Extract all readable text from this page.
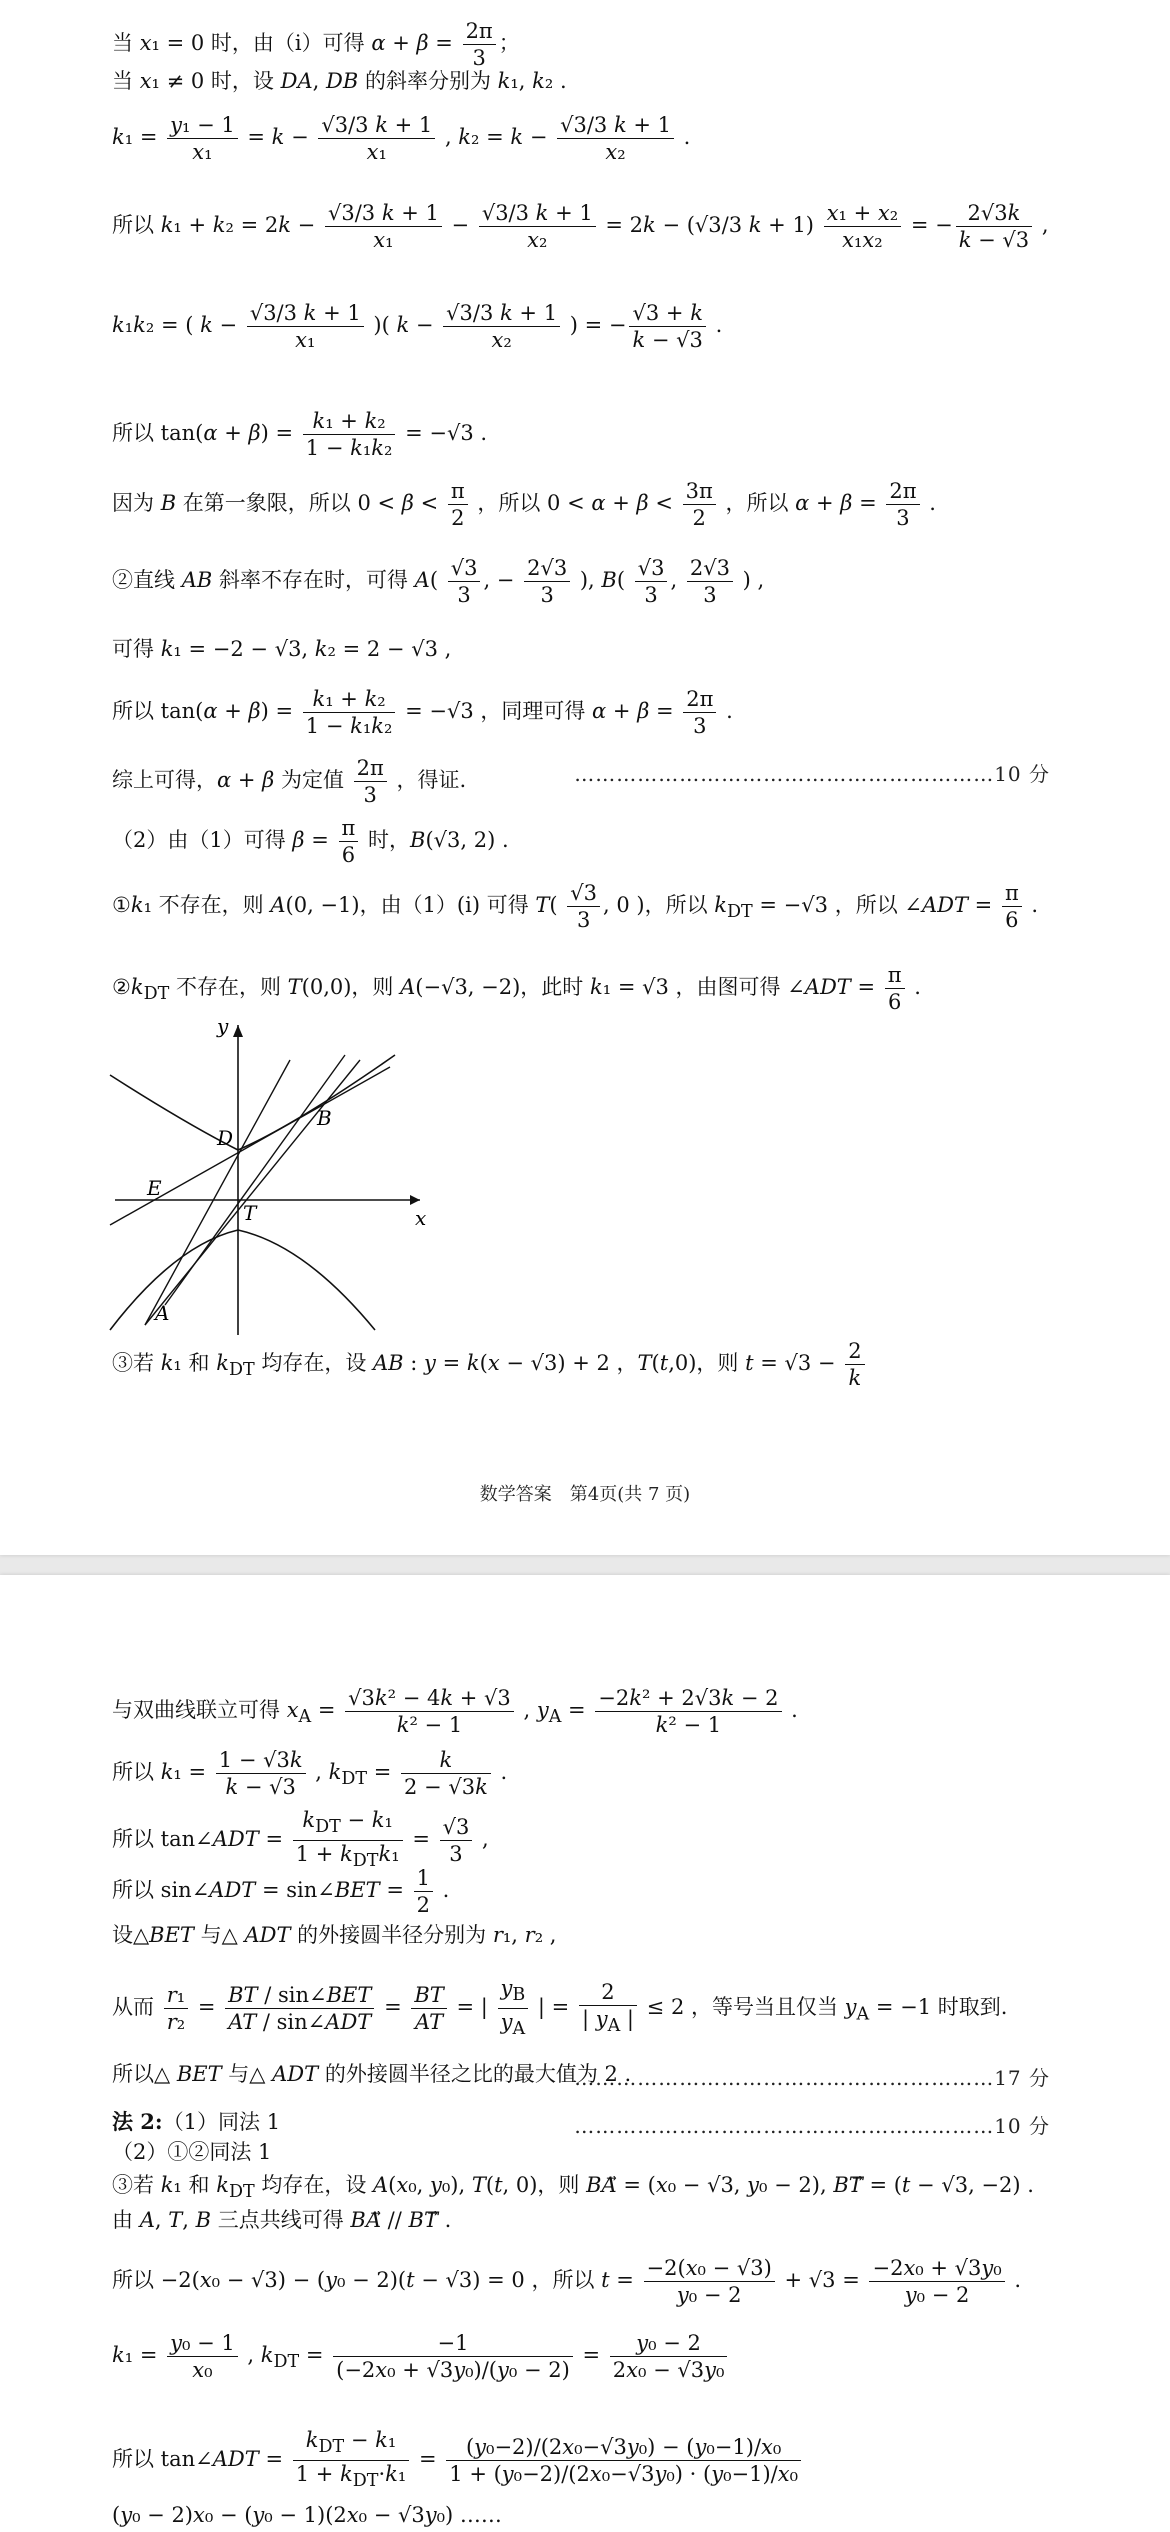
当 x₁ = 0 时，由（i）可得 $\alpha + \beta = \frac{2\pi}{3}$ ；
当 x₁ ≠ 0 时，设 DA, DB 的斜率分别为 k₁, k₂ .
$k_1 = \frac{\text{y₁ − 1}}{\text{x₁}} = k - \frac{√3/3 k + 1}{\text{x₁}}$ , $k_2 = k - \frac{√3/3 k + 1}{\text{x₂}}$ .
所以 $k_1 + k_2 = 2k - \frac{√3/3 k + 1}{\text{x₁}} - \frac{√3/3 k + 1}{\text{x₂}} = 2k - (√3/3$ $k + 1) \frac{\text{x₁ + x₂}}{\text{x₁x₂}}$ = − $\frac{2√3k}{k - √3}$ ,
k₁k₂ = ( $k - \frac{√3/3 k + 1}{\text{x₁}}$ )( $k - \frac{√3/3 k + 1}{\text{x₂}}$ ) = − $\frac{√3 + k}{k - √3}$ .
所以 $\tan(\alpha + \beta) = \frac{\text{k₁ + k₂}}{\text{1 − k₁k₂}} = -√3$ .
因为 B 在第一象限，所以 $0 < \beta < \frac{\pi}{2}$ ，所以 $0 < \alpha + \beta < \frac{3\pi}{2}$ ，所以 $\alpha + \beta = \frac{2\pi}{3}$ .
②直线 AB 斜率不存在时，可得 $A( \frac{√3}{3}$ , − $\frac{2√3}{3}$ ), $B( \frac{√3}{3}$ , $\frac{2√3}{3}$ ) ,
可得 k₁ = −2 − √3, k₂ = 2 − √3 ,
所以 $\tan(\alpha + \beta) = \frac{\text{k₁ + k₂}}{\text{1 − k₁k₂}} = -√3$ ，同理可得 $\alpha + \beta = \frac{2\pi}{3}$ .
综上可得，α + β 为定值 $\frac{2\pi}{3}$ ，得证.	……………………………………………………10 分
（2）由（1）可得 $\beta = \frac{\pi}{6}$ 时，B(√3, 2) .
①k₁ 不存在，则 A(0, −1)，由（1）(i) 可得 $T( \frac{√3}{3}$ , 0 )，所以 $k_{DT} = -√3$ ，所以 ∠ADT = $\frac{\pi}{6}$ .
$②k_{DT}$ 不存在，则 T(0,0)，则 A(−√3, −2)，此时 k₁ = √3 ，由图可得 ∠ADT = $\frac{\pi}{6}$ .
y
x
D
B
E
T
A
③若 k₁ 和 $k_{DT}$ 均存在，设 AB : y = k(x − √3) + 2 ，T(t,0)，则 $t = √3 - \frac{2}{k}$
数学答案　第4页(共 7 页)
与双曲线联立可得 $x_A = \frac{\text{√3k² − 4k + √3}}{\text{k² − 1}}$ , $y_A = \frac{\text{−2k² + 2√3k − 2}}{\text{k² − 1}}$ .
所以 $k_1 = \frac{1 - √3k}{k - √3}$ , $k_{DT} = \frac{k}{2 - √3k}$ .
所以 tan∠ADT = $\frac{k_{DT} - k_1}{1 + k_{DT}k_1} = \frac{√3}{3}$ ,
所以 sin∠ADT = sin∠BET = $\frac{1}{2}$ .
设△BET 与△ ADT 的外接圆半径分别为 r₁, r₂ ,
从而 $\frac{\text{r₁}}{\text{r₂}} = \frac{\text{BT / sin∠BET}}{\text{AT / sin∠ADT}} = \frac{BT}{AT}$ = | $\frac{y_B}{y_A}$ | = $\frac{2}{| y_A |} \le 2$ ，等号当且仅当 $y_A = -1$ 时取到.
所以△ BET 与△ ADT 的外接圆半径之比的最大值为 2 .
……………………………………………………17 分
法 2:（1）同法 1	……………………………………………………10 分
（2）①②同法 1
③若 k₁ 和 $k_{DT}$ 均存在，设 A(x₀, y₀), T(t, 0)，则 BA⃗ = (x₀ − √3, y₀ − 2), BT⃗ = (t − √3, −2) .
由 A, T, B 三点共线可得 BA⃗ // BT⃗ .
所以 −2(x₀ − √3) − (y₀ − 2)(t − √3) = 0 ，所以 $t = \frac{\text{−2(x₀ − √3)}}{\text{y₀ − 2}} + √3 = \frac{\text{−2x₀ + √3y₀}}{\text{y₀ − 2}}$ .
$k_1 = \frac{\text{y₀ − 1}}{\text{x₀}}$ , $k_{DT} = \frac{-1}{\text{(−2x₀ + √3y₀)/(y₀ − 2)}} = \frac{\text{y₀ − 2}}{\text{2x₀ − √3y₀}}$
所以 tan∠ADT = $\frac{k_{DT} - k_1}{1 + k_{DT}\cdot k_1} = \frac{\text{(y₀−2)/(2x₀−√3y₀) − (y₀−1)/x₀}}{\text{1 + (y₀−2)/(2x₀−√3y₀) · (y₀−1)/x₀}}$
(y₀ − 2)x₀ − (y₀ − 1)(2x₀ − √3y₀) ……
